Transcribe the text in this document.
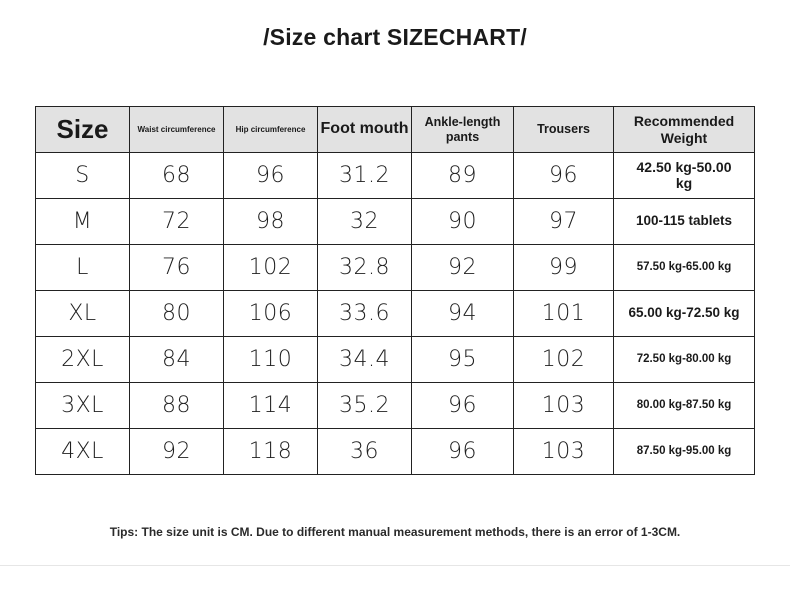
/Size chart SIZECHART/
Size	Waist circumference	Hip circumference	Foot mouth	Ankle-length pants	Trousers	Recommended Weight
S	68	96	31.2	89	96	42.50 kg-50.00 kg
M	72	98	32	90	97	100-115 tablets
L	76	102	32.8	92	99	57.50 kg-65.00 kg
XL	80	106	33.6	94	101	65.00 kg-72.50 kg
2XL	84	110	34.4	95	102	72.50 kg-80.00 kg
3XL	88	114	35.2	96	103	80.00 kg-87.50 kg
4XL	92	118	36	96	103	87.50 kg-95.00 kg
Tips: The size unit is CM. Due to different manual measurement methods, there is an error of 1-3CM.
